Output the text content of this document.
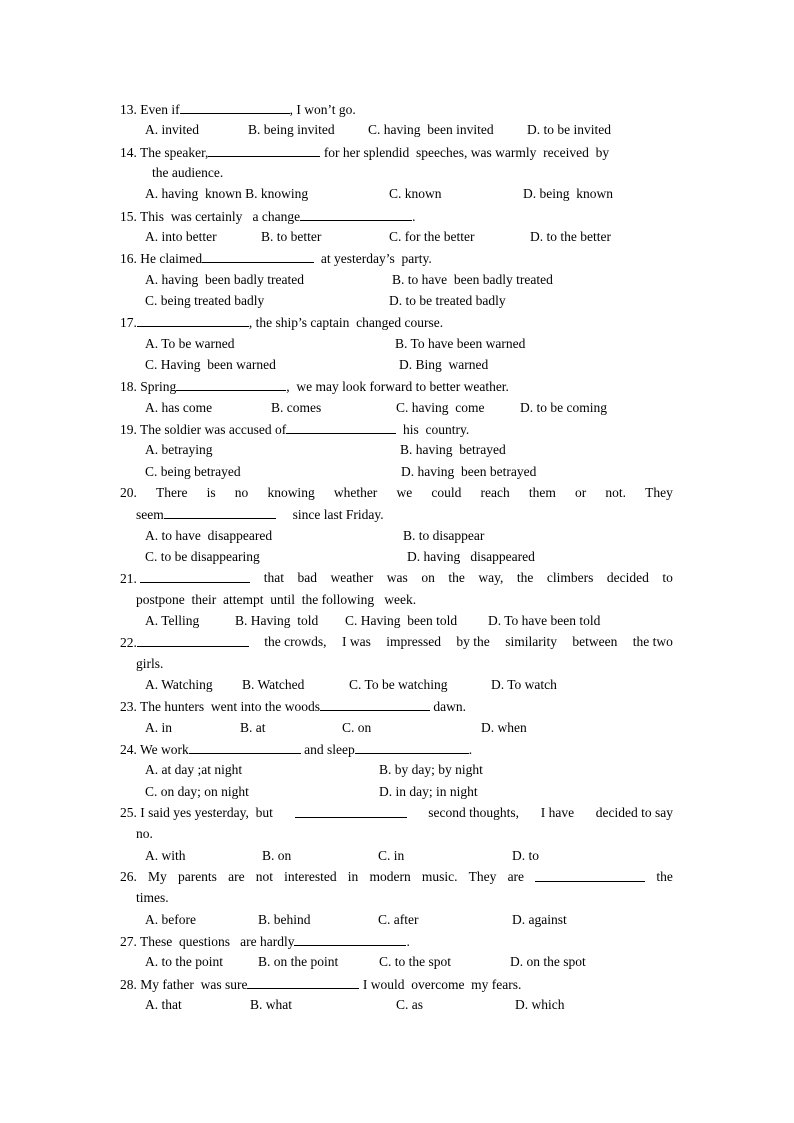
13. Even if	, I won’t go.
A. invited	B. being invited C. having  been invited D. to be invited
14. The speaker,	for her splendid  speeches, was warmly  received  by
the audience.
A. having  known B. knowing	C. known	D. being  known
15. This  was certainly   a change	.
A. into better	B. to better	C. for the better	D. to the better
16. He claimed	at yesterday’s  party.
A. having  been badly treated	B. to have  been badly treated
C. being treated badly	D. to be treated badly
17.	, the ship’s captain  changed course.
A. To be warned	B. To have been warned
C. Having  been warned	D. Bing  warned
18. Spring	,  we may look forward to better weather.
A. has come	B. comes	C. having  come	D. to be coming
19. The soldier was accused of	his  country.
A. betraying	B. having  betrayed
C. being betrayed	D. having  been betrayed
20. There is no knowing whether we could reach them or not. They
seem	since last Friday.
A. to have  disappeared	B. to disappear
C. to be disappearing	D. having   disappeared
21.	that bad weather was on the way, the climbers decided to
postpone  their  attempt  until  the following   week.
A. Telling	B. Having  told C. Having  been told D. To have been told
22.	the crowds, I was impressed by the similarity between the two
girls.
A. Watching B. Watched	C. To be watching	D. To watch
23. The hunters  went into the woods	dawn.
A. in	B. at	C. on	D. when
24. We work	and sleep	.
A. at day ;at night	B. by day; by night
C. on day; on night	D. in day; in night
25. I said yes yesterday,  but	second thoughts, I have decided to say
no.
A. with	B. on	C. in	D. to
26. My parents are not interested in modern music. They are	the
times.
A. before	B. behind	C. after	D. against
27. These  questions   are hardly	.
A. to the point	B. on the point	C. to the spot	D. on the spot
28. My father  was sure	I would  overcome  my fears.
A. that	B. what	C. as	D. which
